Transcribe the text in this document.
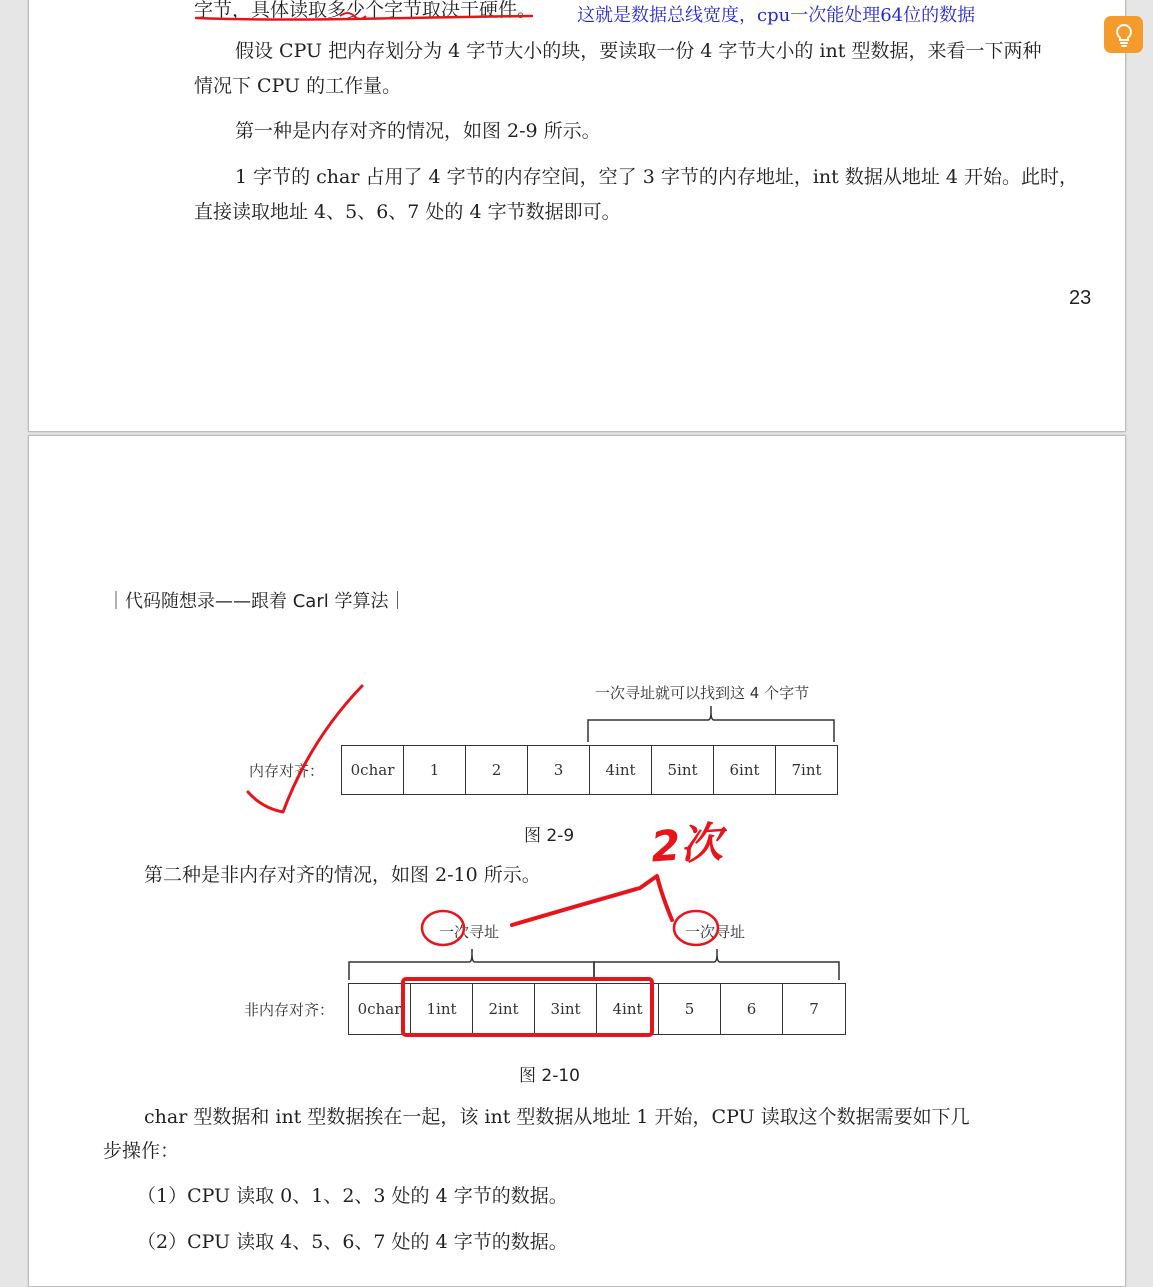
字节，具体读取多少个字节取决于硬件。 这就是数据总线宽度，cpu一次能处理64位的数据
假设 CPU 把内存划分为 4 字节大小的块，要读取一份 4 字节大小的 int 型数据，来看一下两种
情况下 CPU 的工作量。
第一种是内存对齐的情况，如图 2-9 所示。
1 字节的 char 占用了 4 字节的内存空间，空了 3 字节的内存地址，int 数据从地址 4 开始。此时，
直接读取地址 4、5、6、7 处的 4 字节数据即可。
23
｜代码随想录——跟着 Carl 学算法｜
一次寻址就可以找到这 4 个字节
内存对齐：	0char	1	2	3	4int	5int	6int	7int
图 2-9
第二种是非内存对齐的情况，如图 2-10 所示。
一次寻址	一次寻址
非内存对齐：	0char	1int	2int	3int	4int	5	6	7
图 2-10
char 型数据和 int 型数据挨在一起，该 int 型数据从地址 1 开始，CPU 读取这个数据需要如下几
步操作：
（1）CPU 读取 0、1、2、3 处的 4 字节的数据。
（2）CPU 读取 4、5、6、7 处的 4 字节的数据。
2次
